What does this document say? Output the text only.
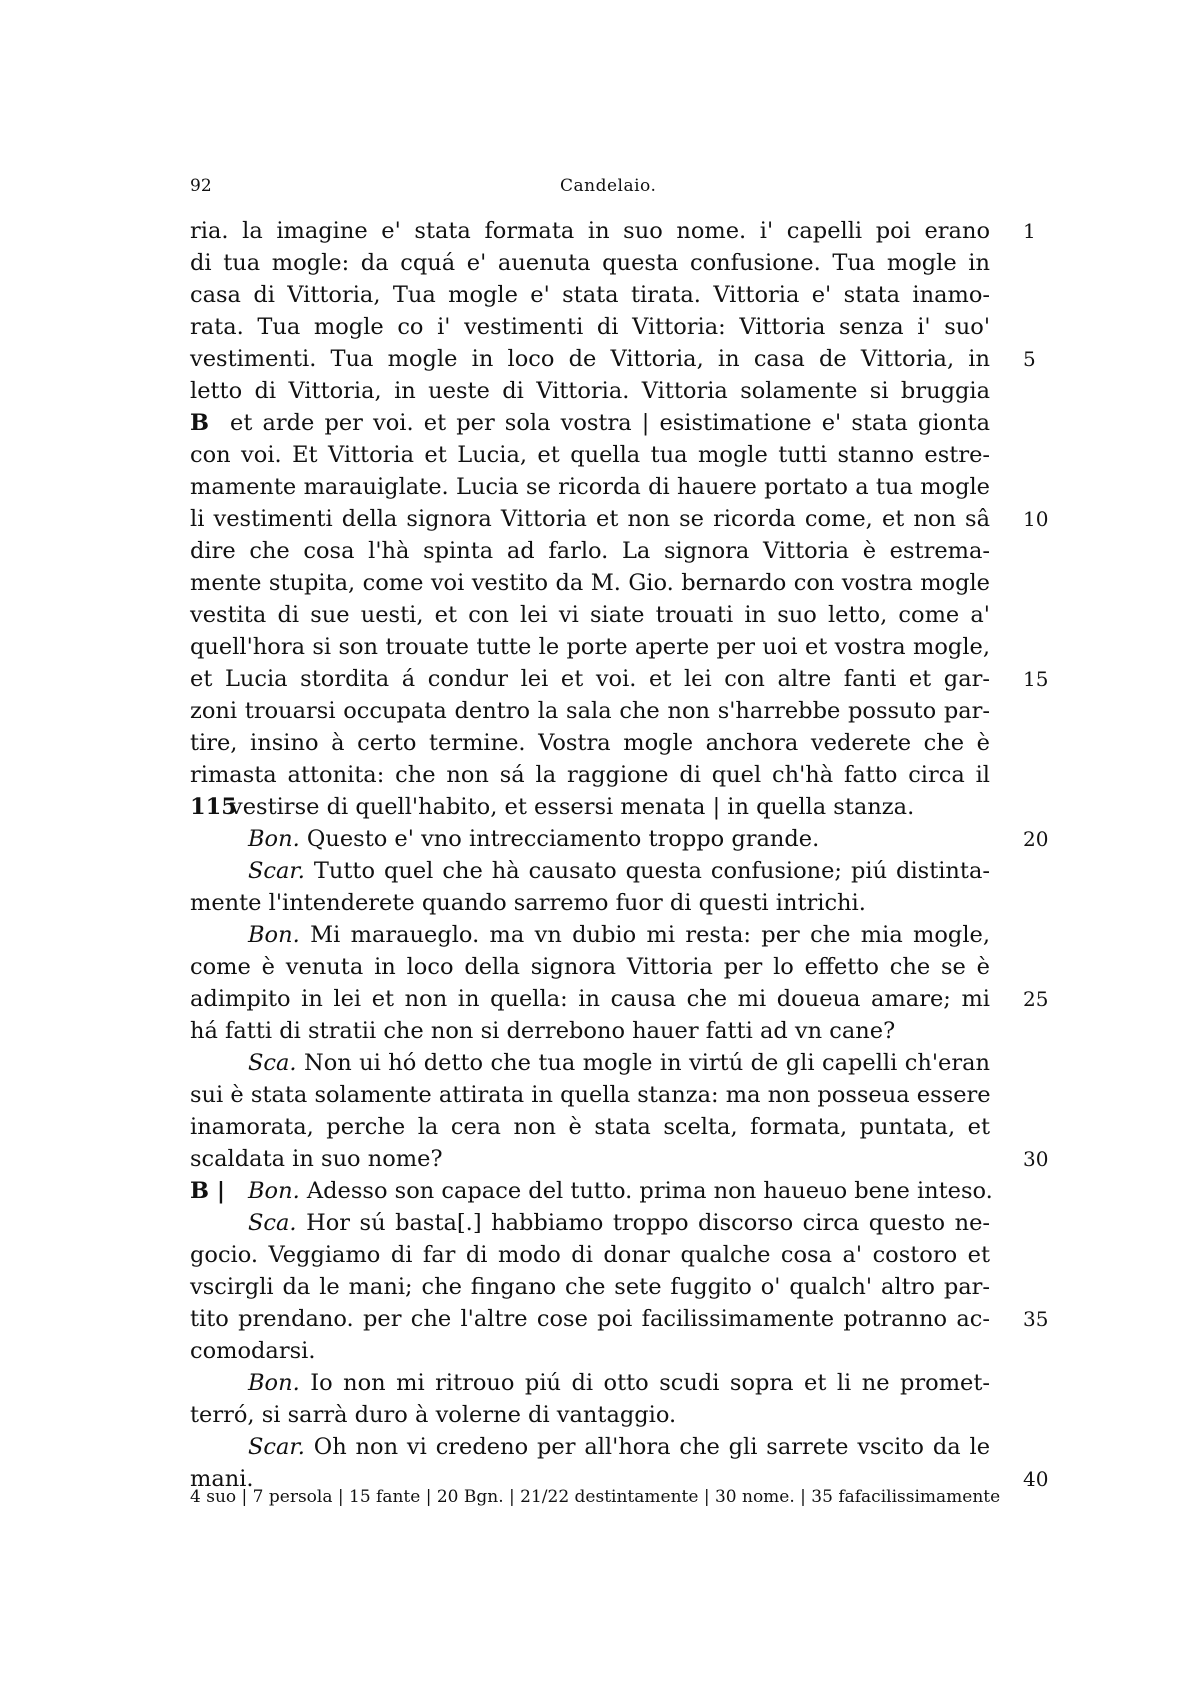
92	Candelaio.
ria. la imagine e' stata formata in suo nome. i' capelli poi erano 1
di tua mogle: da cquá e' auenuta questa confusione. Tua mogle in
casa di Vittoria, Tua mogle e' stata tirata. Vittoria e' stata inamo-
rata. Tua mogle co i' vestimenti di Vittoria: Vittoria senza i' suo'
vestimenti. Tua mogle in loco de Vittoria, in casa de Vittoria, in 5
letto di Vittoria, in ueste di Vittoria. Vittoria solamente si bruggia
B et arde per voi. et per sola vostra | esistimatione e' stata gionta
con voi. Et Vittoria et Lucia, et quella tua mogle tutti stanno estre-
mamente marauiglate. Lucia se ricorda di hauere portato a tua mogle
li vestimenti della signora Vittoria et non se ricorda come, et non sâ 10
dire che cosa l'hà spinta ad farlo. La signora Vittoria è estrema-
mente stupita, come voi vestito da M. Gio. bernardo con vostra mogle
vestita di sue uesti, et con lei vi siate trouati in suo letto, come a'
quell'hora si son trouate tutte le porte aperte per uoi et vostra mogle,
et Lucia stordita á condur lei et voi. et lei con altre fanti et gar- 15
zoni trouarsi occupata dentro la sala che non s'harrebbe possuto par-
tire, insino à certo termine. Vostra mogle anchora vederete che è
rimasta attonita: che non sá la raggione di quel ch'hà fatto circa il
115
vestirse di quell'habito, et essersi menata | in quella stanza.
Bon. Questo e' vno intrecciamento troppo grande.	20
Scar. Tutto quel che hà causato questa confusione; piú distinta-
mente l'intenderete quando sarremo fuor di questi intrichi.
Bon. Mi maraueglo. ma vn dubio mi resta: per che mia mogle,
come è venuta in loco della signora Vittoria per lo effetto che se è
adimpito in lei et non in quella: in causa che mi doueua amare; mi 25
há fatti di stratii che non si derrebono hauer fatti ad vn cane?
Sca. Non ui hó detto che tua mogle in virtú de gli capelli ch'eran
sui è stata solamente attirata in quella stanza: ma non posseua essere
inamorata, perche la cera non è stata scelta, formata, puntata, et
scaldata in suo nome?	30
B |	Bon. Adesso son capace del tutto. prima non haueuo bene inteso.
Sca. Hor sú basta[.] habbiamo troppo discorso circa questo ne-
gocio. Veggiamo di far di modo di donar qualche cosa a' costoro et
vscirgli da le mani; che fingano che sete fuggito o' qualch' altro par-
tito prendano. per che l'altre cose poi facilissimamente potranno ac- 35
comodarsi.
Bon. Io non mi ritrouo piú di otto scudi sopra et li ne promet-
terró, si sarrà duro à volerne di vantaggio.
Scar. Oh non vi credeno per all'hora che gli sarrete vscito da le
mani.	40
4 suo | 7 persola | 15 fante | 20 Bgn. | 21/22 destintamente | 30 nome. | 35 fafacilissimamente
